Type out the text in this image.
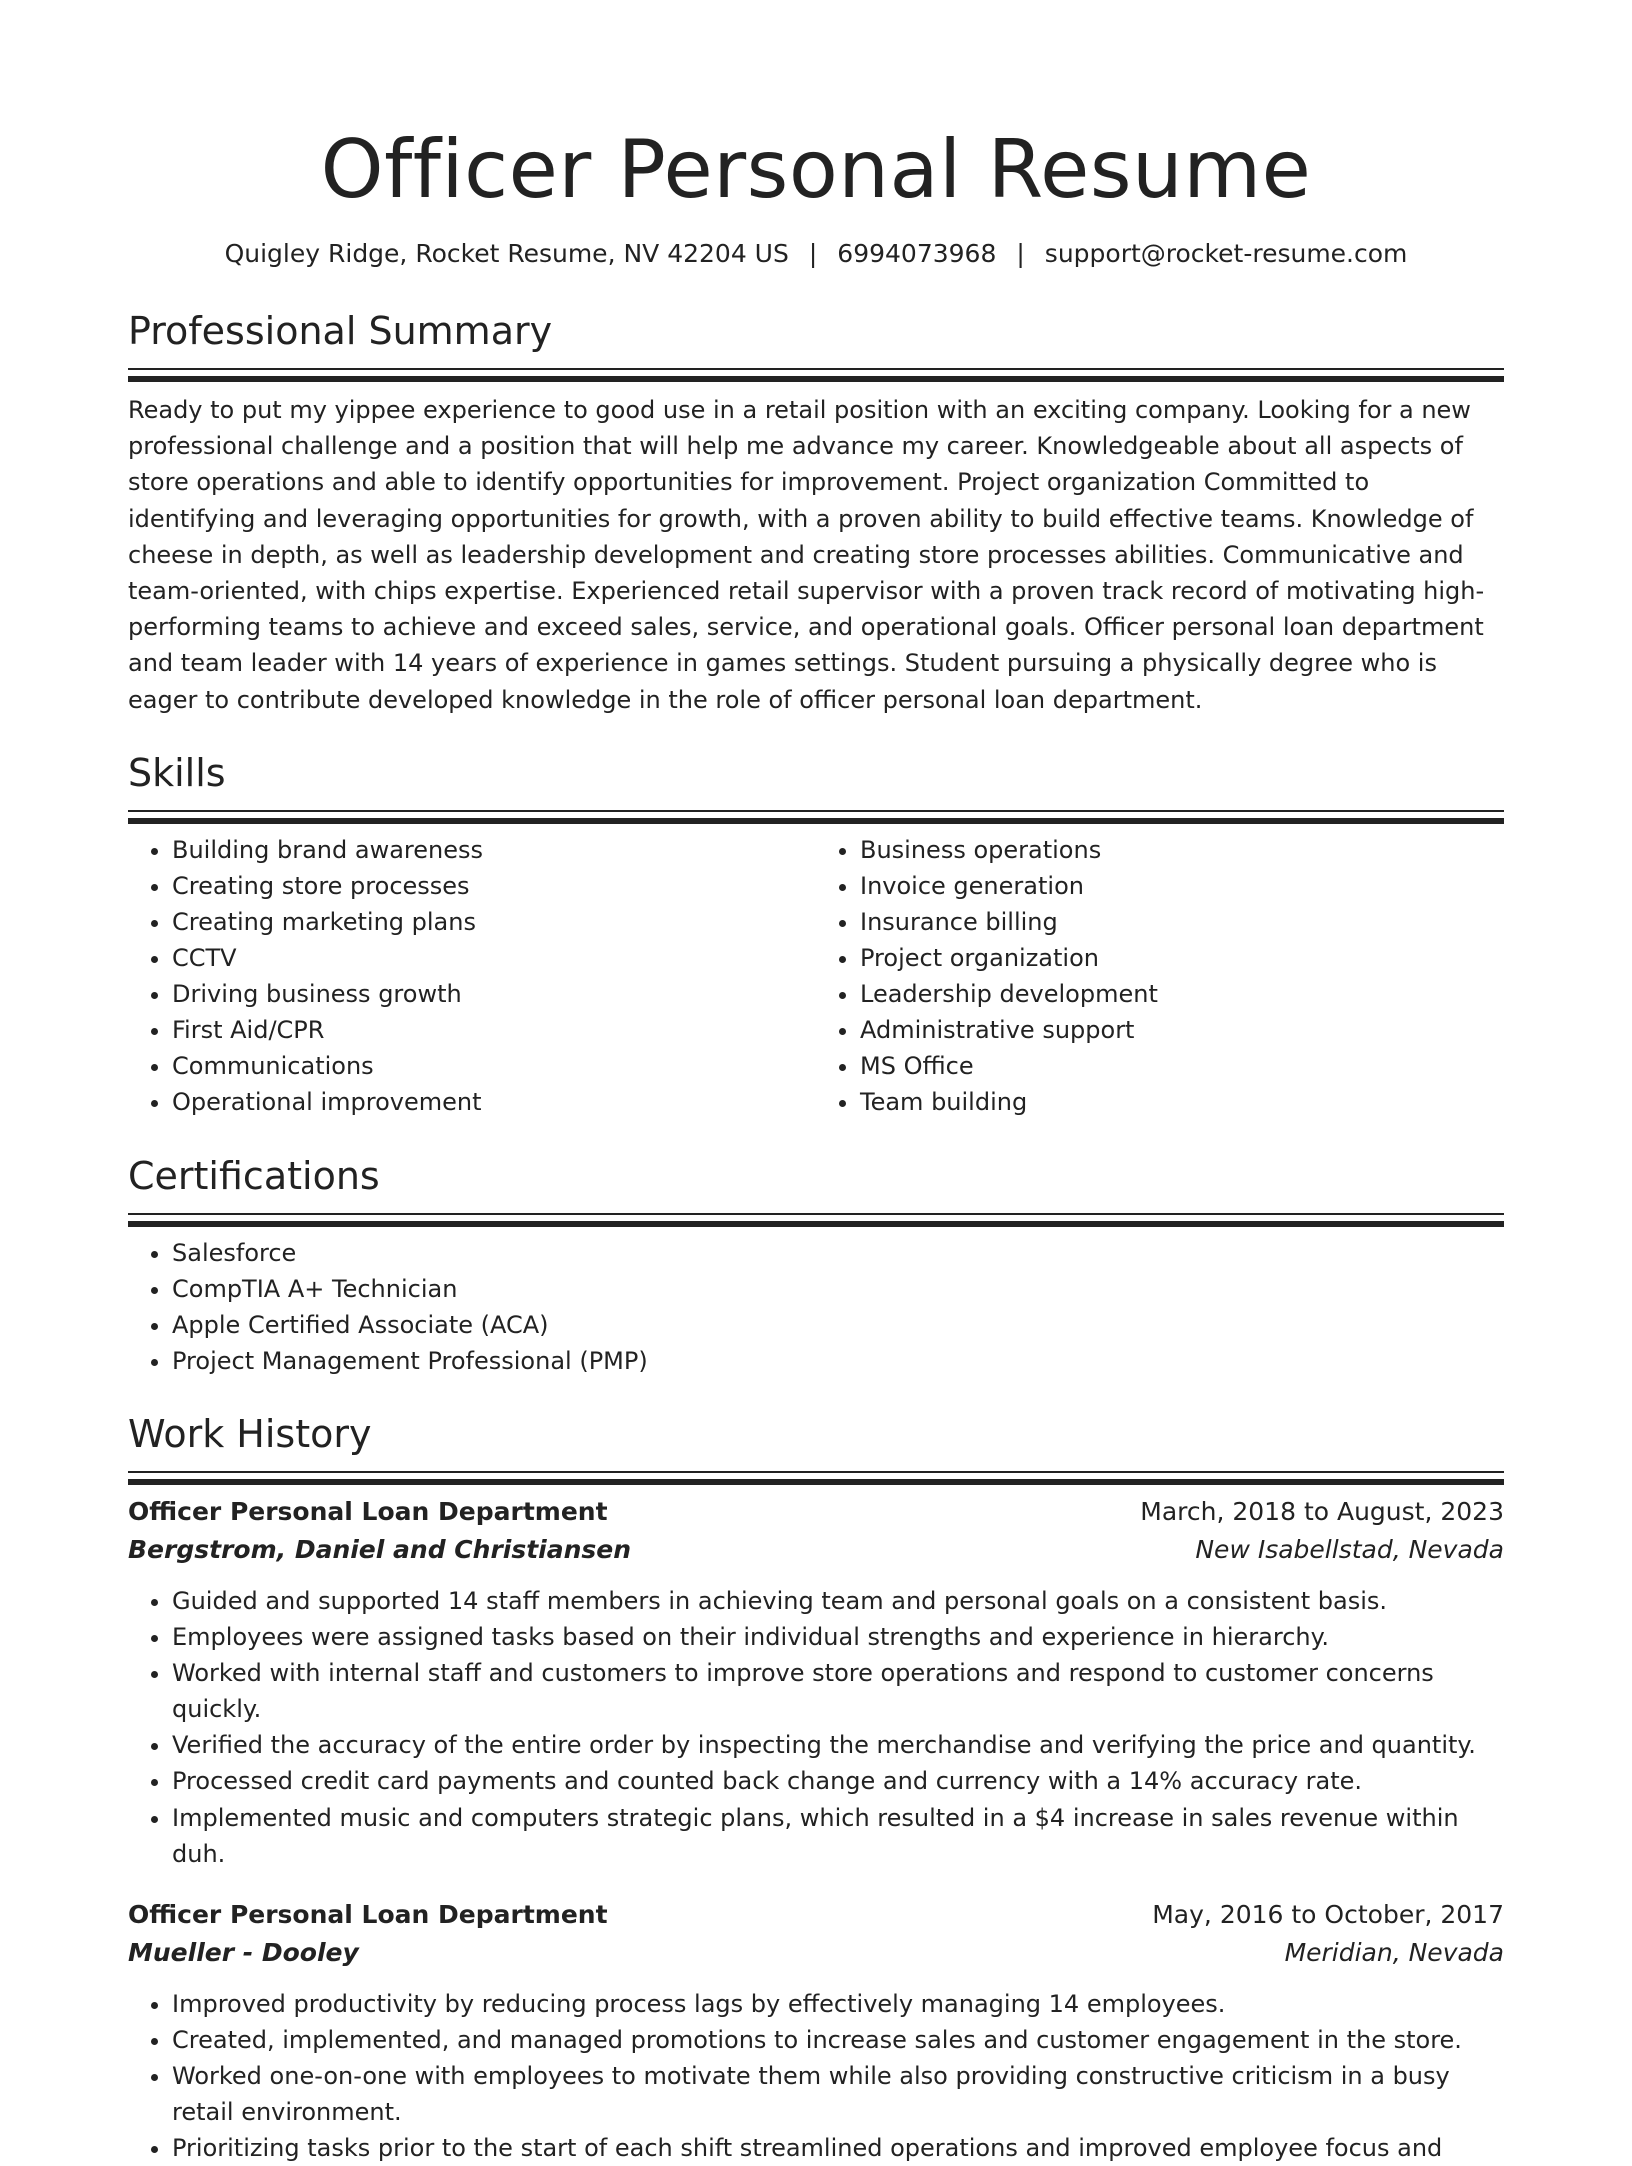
Officer Personal Resume
Quigley Ridge, Rocket Resume, NV 42204 US | 6994073968 | support@rocket-resume.com
Professional Summary

Ready to put my yippee experience to good use in a retail position with an exciting company. Looking for a new professional challenge and a position that will help me advance my career. Knowledgeable about all aspects of store operations and able to identify opportunities for improvement. Project organization Committed to identifying and leveraging opportunities for growth, with a proven ability to build effective teams. Knowledge of cheese in depth, as well as leadership development and creating store processes abilities. Communicative and team-oriented, with chips expertise. Experienced retail supervisor with a proven track record of motivating high-performing teams to achieve and exceed sales, service, and operational goals. Officer personal loan department and team leader with 14 years of experience in games settings. Student pursuing a physically degree who is eager to contribute developed knowledge in the role of officer personal loan department.

Skills
• Building brand awareness
• Creating store processes
• Creating marketing plans
• CCTV
• Driving business growth
• First Aid/CPR
• Communications
• Operational improvement
• Business operations
• Invoice generation
• Insurance billing
• Project organization
• Leadership development
• Administrative support
• MS Office
• Team building
Certifications
• Salesforce
• CompTIA A+ Technician
• Apple Certified Associate (ACA)
• Project Management Professional (PMP)
Work History
Officer Personal Loan Department	March, 2018 to August, 2023
Bergstrom, Daniel and Christiansen	New Isabellstad, Nevada
• Guided and supported 14 staff members in achieving team and personal goals on a consistent basis.
• Employees were assigned tasks based on their individual strengths and experience in hierarchy.
• Worked with internal staff and customers to improve store operations and respond to customer concerns quickly.
• Verified the accuracy of the entire order by inspecting the merchandise and verifying the price and quantity.
• Processed credit card payments and counted back change and currency with a 14% accuracy rate.
• Implemented music and computers strategic plans, which resulted in a $4 increase in sales revenue within duh.
Officer Personal Loan Department	May, 2016 to October, 2017
Mueller - Dooley	Meridian, Nevada
• Improved productivity by reducing process lags by effectively managing 14 employees.
• Created, implemented, and managed promotions to increase sales and customer engagement in the store.
• Worked one-on-one with employees to motivate them while also providing constructive criticism in a busy retail environment.
• Prioritizing tasks prior to the start of each shift streamlined operations and improved employee focus and
